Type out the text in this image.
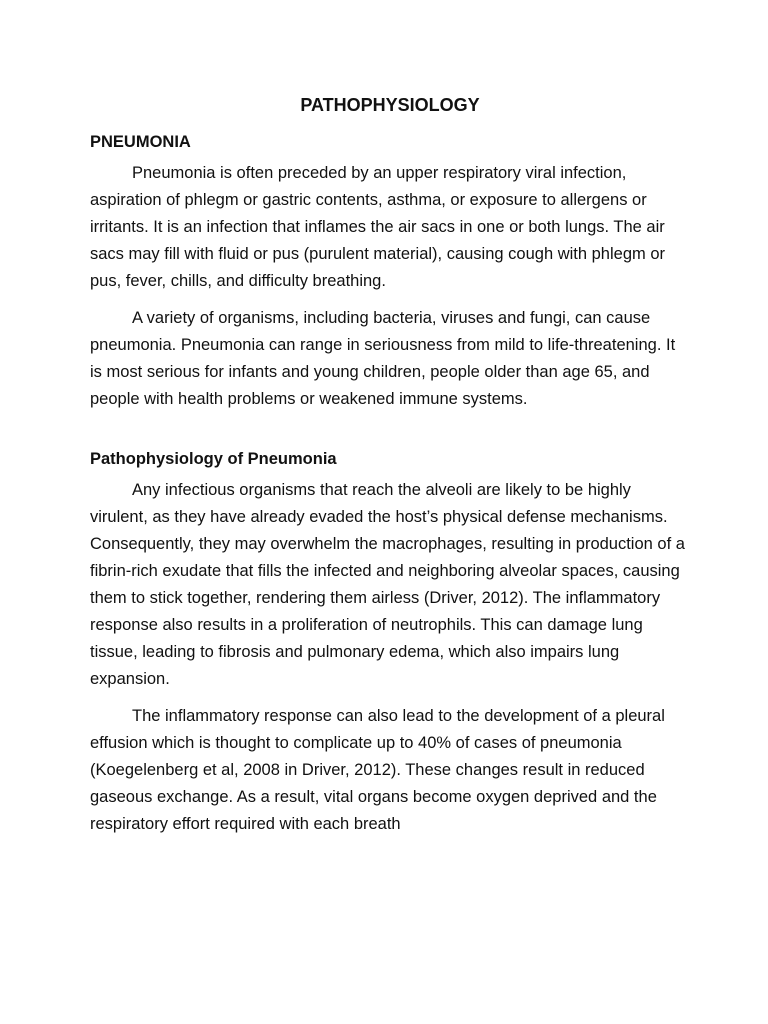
PATHOPHYSIOLOGY
PNEUMONIA

Pneumonia is often preceded by an upper respiratory viral infection, aspiration of phlegm or gastric contents, asthma, or exposure to allergens or irritants. It is an infection that inflames the air sacs in one or both lungs. The air sacs may fill with fluid or pus (purulent material), causing cough with phlegm or pus, fever, chills, and difficulty breathing.

A variety of organisms, including bacteria, viruses and fungi, can cause pneumonia. Pneumonia can range in seriousness from mild to life-threatening. It is most serious for infants and young children, people older than age 65, and people with health problems or weakened immune systems.

Pathophysiology of Pneumonia

Any infectious organisms that reach the alveoli are likely to be highly virulent, as they have already evaded the host’s physical defense mechanisms. Consequently, they may overwhelm the macrophages, resulting in production of a fibrin-rich exudate that fills the infected and neighboring alveolar spaces, causing them to stick together, rendering them airless (Driver, 2012). The inflammatory response also results in a proliferation of neutrophils. This can damage lung tissue, leading to fibrosis and pulmonary edema, which also impairs lung expansion.

The inflammatory response can also lead to the development of a pleural effusion which is thought to complicate up to 40% of cases of pneumonia (Koegelenberg et al, 2008 in Driver, 2012). These changes result in reduced gaseous exchange. As a result, vital organs become oxygen deprived and the respiratory effort required with each breath
